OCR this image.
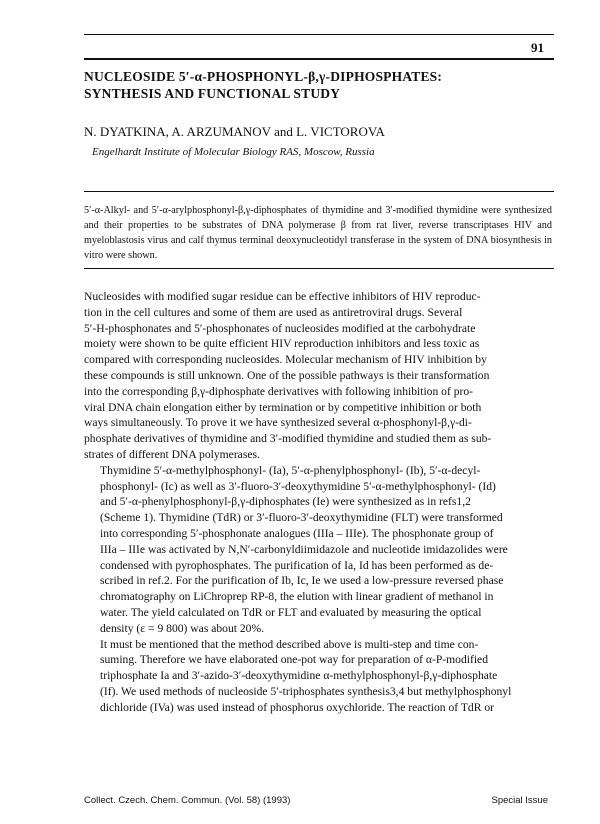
91
NUCLEOSIDE 5′-α-PHOSPHONYL-β,γ-DIPHOSPHATES:
SYNTHESIS AND FUNCTIONAL STUDY
N. DYATKINA, A. ARZUMANOV and L. VICTOROVA
Engelhardt Institute of Molecular Biology RAS, Moscow, Russia
5′-α-Alkyl- and 5′-α-arylphosphonyl-β,γ-diphosphates of thymidine and 3′-modified thymidine were synthesized and their properties to be substrates of DNA polymerase β from rat liver, reverse transcriptases HIV and myeloblastosis virus and calf thymus terminal deoxynucleotidyl transferase in the system of DNA biosynthesis in vitro were shown.

Nucleosides with modified sugar residue can be effective inhibitors of HIV reproduc-
tion in the cell cultures and some of them are used as antiretroviral drugs. Several
5′-H-phosphonates and 5′-phosphonates of nucleosides modified at the carbohydrate
moiety were shown to be quite efficient HIV reproduction inhibitors and less toxic as
compared with corresponding nucleosides. Molecular mechanism of HIV inhibition by
these compounds is still unknown. One of the possible pathways is their transformation
into the corresponding β,γ-diphosphate derivatives with following inhibition of pro-
viral DNA chain elongation either by termination or by competitive inhibition or both
ways simultaneously. To prove it we have synthesized several α-phosphonyl-β,γ-di-
phosphate derivatives of thymidine and 3′-modified thymidine and studied them as sub-
strates of different DNA polymerases.

Thymidine 5′-α-methylphosphonyl- (Ia), 5′-α-phenylphosphonyl- (Ib), 5′-α-decyl-
phosphonyl- (Ic) as well as 3′-fluoro-3′-deoxythymidine 5′-α-methylphosphonyl- (Id)
and 5′-α-phenylphosphonyl-β,γ-diphosphates (Ie) were synthesized as in refs1,2
(Scheme 1). Thymidine (TdR) or 3′-fluoro-3′-deoxythymidine (FLT) were transformed
into corresponding 5′-phosphonate analogues (IIIa – IIIe). The phosphonate group of
IIIa – IIIe was activated by N,N′-carbonyldiimidazole and nucleotide imidazolides were
condensed with pyrophosphates. The purification of Ia, Id has been performed as de-
scribed in ref.2. For the purification of Ib, Ic, Ie we used a low-pressure reversed phase
chromatography on LiChroprep RP-8, the elution with linear gradient of methanol in
water. The yield calculated on TdR or FLT and evaluated by measuring the optical
density (ε = 9 800) was about 20%.

It must be mentioned that the method described above is multi-step and time con-
suming. Therefore we have elaborated one-pot way for preparation of α-P-modified
triphosphate Ia and 3′-azido-3′-deoxythymidine α-methylphosphonyl-β,γ-diphosphate
(If). We used methods of nucleoside 5′-triphosphates synthesis3,4 but methylphosphonyl
dichloride (IVa) was used instead of phosphorus oxychloride. The reaction of TdR or

Collect. Czech. Chem. Commun. (Vol. 58) (1993)	Special Issue
